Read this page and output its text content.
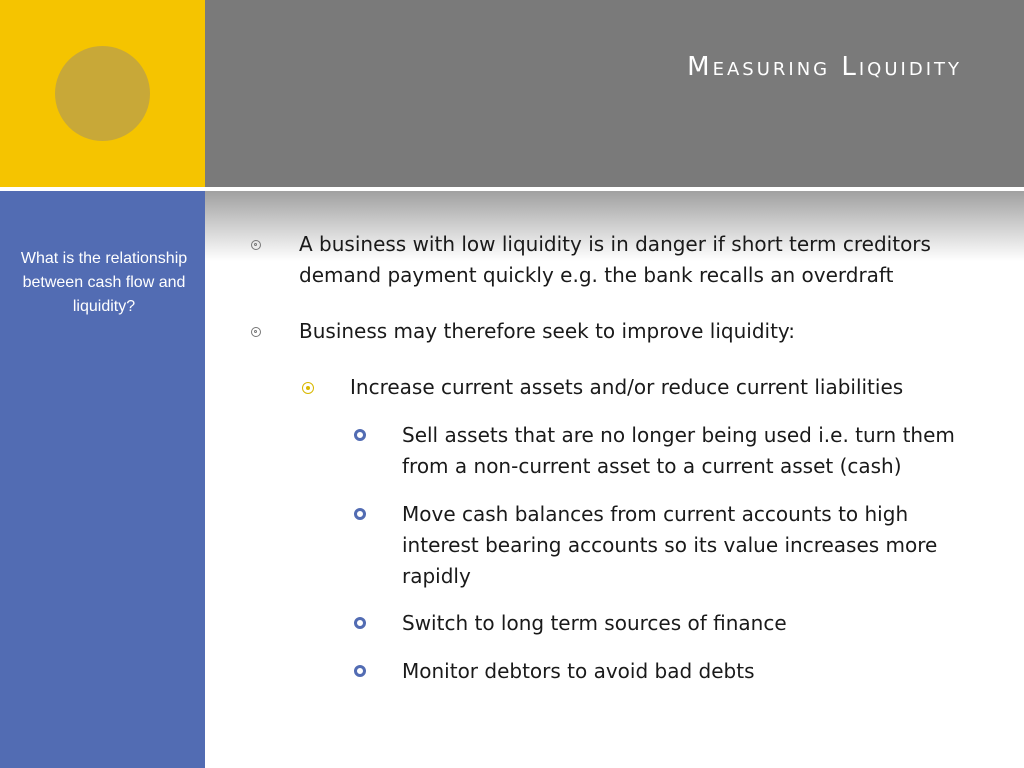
Measuring Liquidity
What is the relationship between cash flow and liquidity?
A business with low liquidity is in danger if short term creditors demand payment quickly e.g. the bank recalls an overdraft
Business may therefore seek to improve liquidity:
Increase current assets and/or reduce current liabilities
Sell assets that are no longer being used i.e. turn them from a non-current asset to a current asset (cash)
Move cash balances from current accounts to high interest bearing accounts so its value increases more rapidly
Switch to long term sources of finance
Monitor debtors to avoid bad debts
